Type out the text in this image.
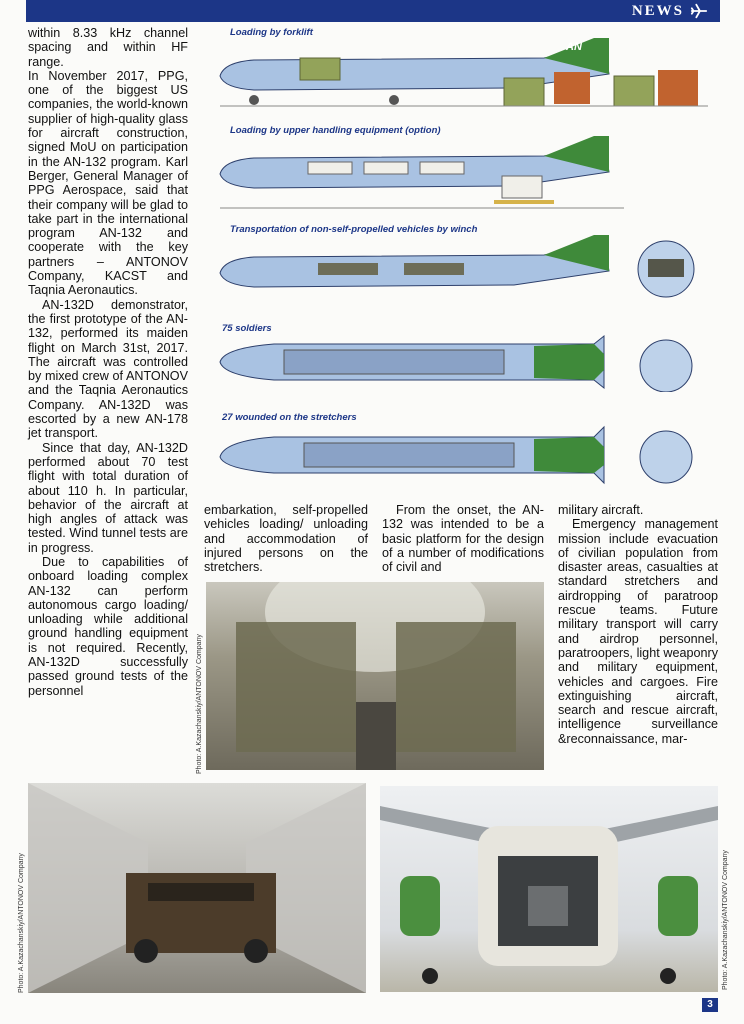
NEWS

within 8.33 kHz channel spacing and within HF range.

In November 2017, PPG, one of the biggest US companies, the world-known supplier of high-quality glass for aircraft construction, signed MoU on participation in the AN-132 program. Karl Berger, General Manager of PPG Aerospace, said that their company will be glad to take part in the international program AN-132 and cooperate with the key partners – ANTONOV Company, KACST and Taqnia Aeronautics.

AN-132D demonstrator, the first prototype of the AN-132, performed its maiden flight on March 31st, 2017. The aircraft was controlled by mixed crew of ANTONOV and the Taqnia Aeronautics Company. AN-132D was escorted by a new AN-178 jet transport.

Since that day, AN-132D performed about 70 test flight with total duration of about 110 h. In particular, behavior of the aircraft at high angles of attack was tested. Wind tunnel tests are in progress.

Due to capabilities of onboard loading complex AN-132 can perform autonomous cargo loading/ unloading while additional ground handling equipment is not required. Recently, AN-132D successfully passed ground tests of the personnel

Loading by forklift
AN
Loading by upper handling equipment (option)
Transportation of non-self-propelled vehicles by winch
75 soldiers
27 wounded on the stretchers

embarkation, self-propelled vehicles loading/ unloading and accommodation of injured persons on the stretchers.

From the onset, the AN-132 was intended to be a basic platform for the design of a number of modifications of civil and

military aircraft.

Emergency management mission include evacuation of civilian population from disaster areas, casualties at standard stretchers and airdropping of paratroop rescue teams. Future military transport will carry and airdrop personnel, paratroopers, light weaponry and military equipment, vehicles and cargoes. Fire extinguishing aircraft, search and rescue aircraft, intelligence surveillance &reconnaissance, mar-

Photo: A.Kazachanskiy/ANTONOV Company
Photo: A.Kazachanskiy/ANTONOV Company	Photo: A.Kazachanskiy/ANTONOV Company
3
